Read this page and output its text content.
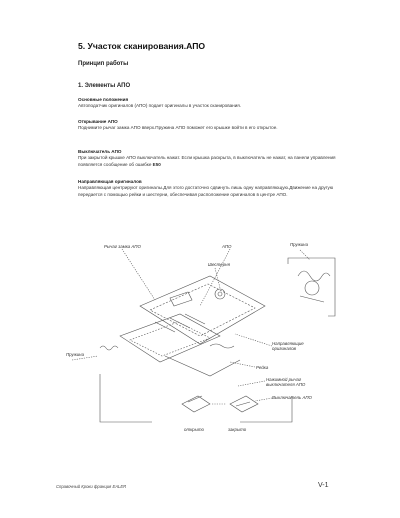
5. Участок сканирования.АПО
Принцип работы
1. Элементы АПО
Основные положения
Автоподатчик оригиналов (АПО) подает оригиналы в участок сканирования.
Открывание АПО
Поднимите рычаг замка АПО вверх.Пружина АПО поможет его крышке войти в его открытое.
Выключатель АПО
При закрытой крышке АПО выключатель нажат. Если крышка раскрыта, в выключатель не нажат, на панели управления появляется сообщение об ошибке E50
Направляющая оригиналов
Направляющая центрируют оригиналы.Для этого достаточно сдвинуть лишь одну направляющую.Движение на другую передается с помощью рейки и шестерни, обеспечивая расположение оригиналов в центре АПО.
Рычаг замка АПО	АПО	Пружина
Шестерня
Направляющие
оригиналов
Пружина
Рейка
Нажимной рычаг
выключателя АПО
Выключатель АПО
открыто	закрыто
Справочный Кроки франция EALER	V-1
